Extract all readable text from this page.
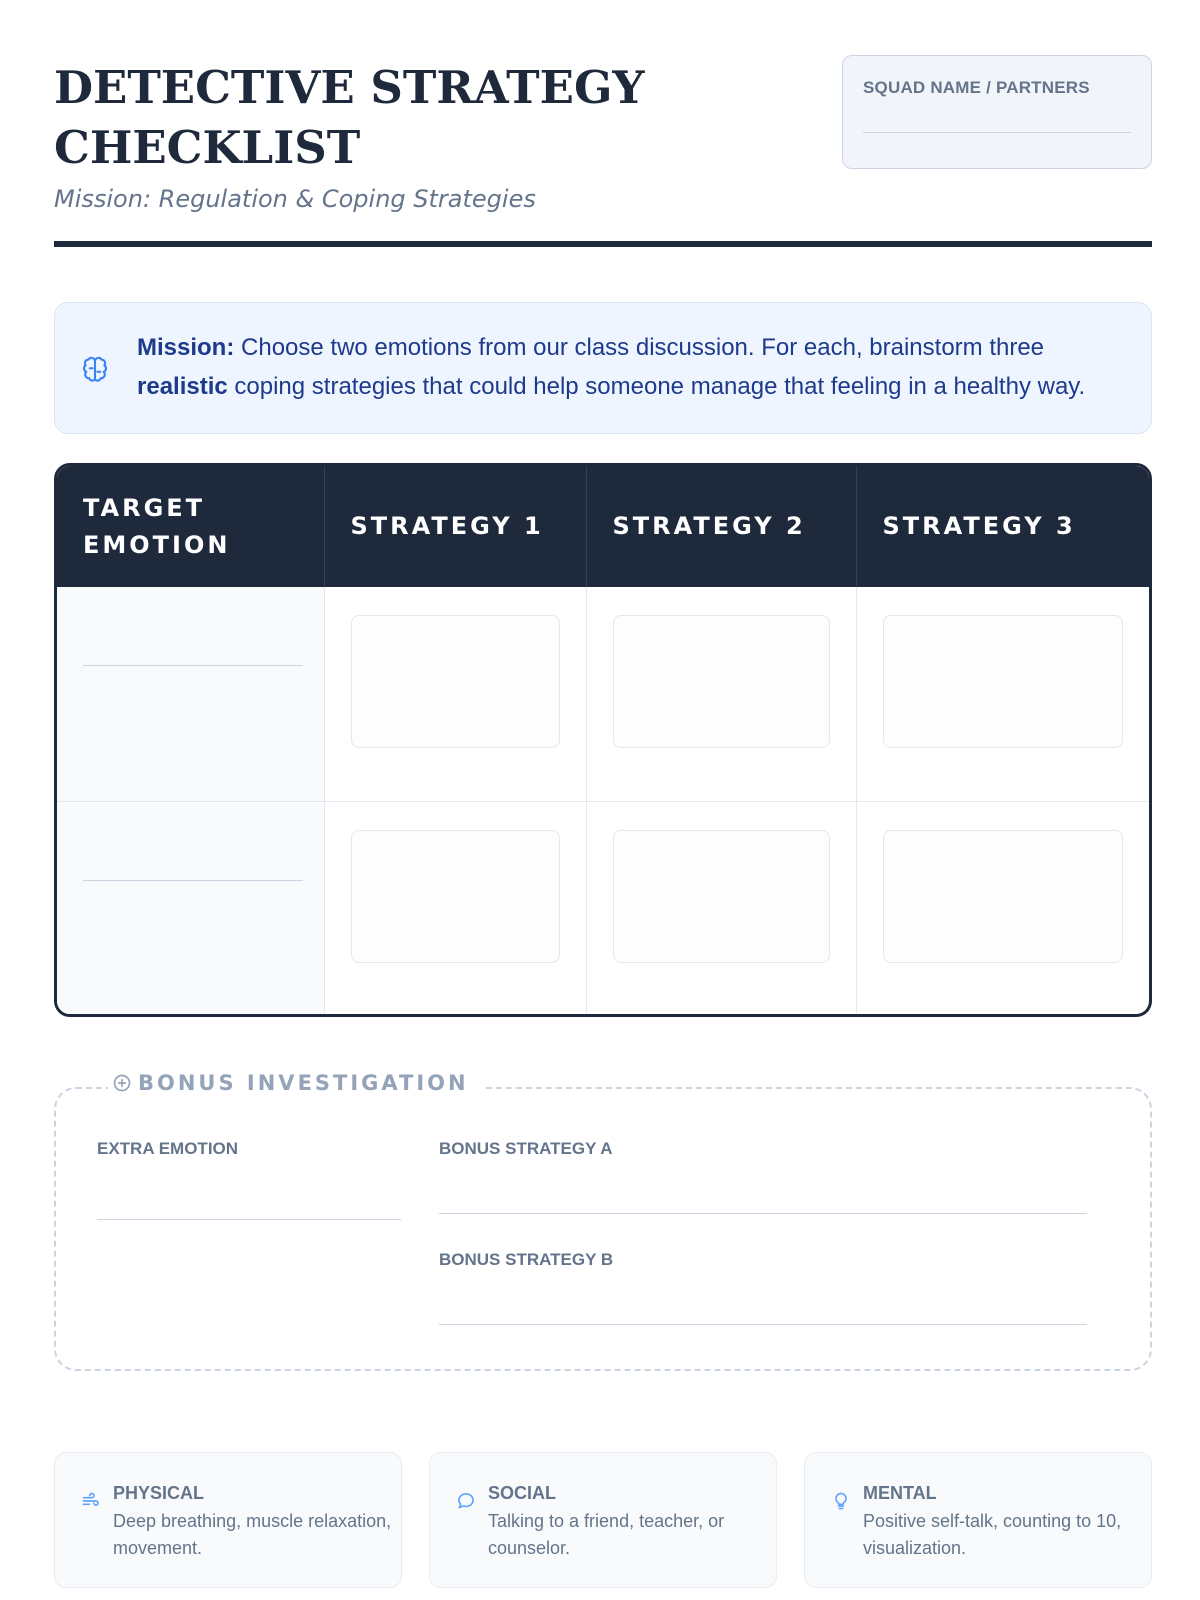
DETECTIVE STRATEGY CHECKLIST
Mission: Regulation & Coping Strategies
SQUAD NAME / PARTNERS

Mission: Choose two emotions from our class discussion. For each, brainstorm three realistic coping strategies that could help someone manage that feeling in a healthy way.

TARGET EMOTION	STRATEGY 1	STRATEGY 2	STRATEGY 3

BONUS INVESTIGATION
EXTRA EMOTION	BONUS STRATEGY A
BONUS STRATEGY B
PHYSICAL
Deep breathing, muscle relaxation, movement.
SOCIAL
Talking to a friend, teacher, or counselor.
MENTAL
Positive self-talk, counting to 10, visualization.
